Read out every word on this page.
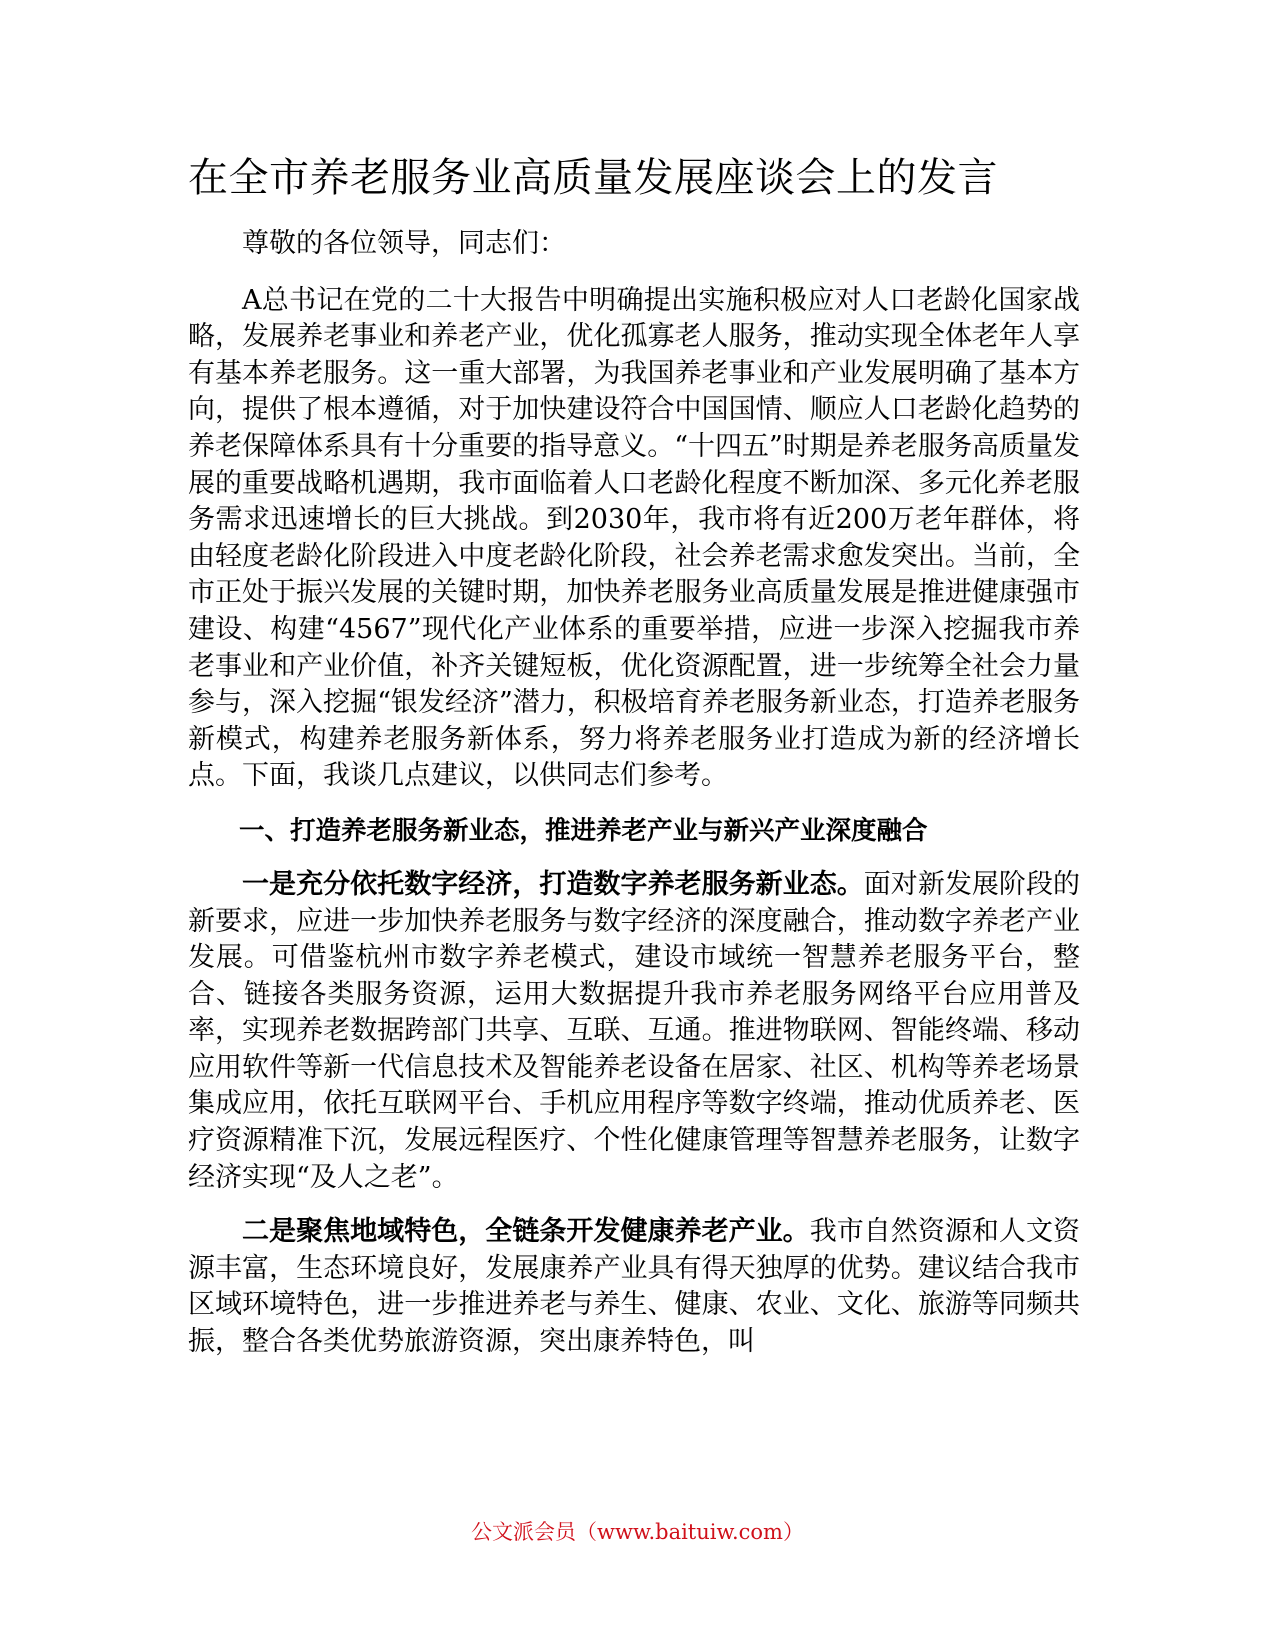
在全市养老服务业高质量发展座谈会上的发言

尊敬的各位领导，同志们：

A总书记在党的二十大报告中明确提出实施积极应对人口老龄化国家战略，发展养老事业和养老产业，优化孤寡老人服务，推动实现全体老年人享有基本养老服务。这一重大部署，为我国养老事业和产业发展明确了基本方向，提供了根本遵循，对于加快建设符合中国国情、顺应人口老龄化趋势的养老保障体系具有十分重要的指导意义。“十四五”时期是养老服务高质量发展的重要战略机遇期，我市面临着人口老龄化程度不断加深、多元化养老服务需求迅速增长的巨大挑战。到2030年，我市将有近200万老年群体，将由轻度老龄化阶段进入中度老龄化阶段，社会养老需求愈发突出。当前，全市正处于振兴发展的关键时期，加快养老服务业高质量发展是推进健康强市建设、构建“4567”现代化产业体系的重要举措，应进一步深入挖掘我市养老事业和产业价值，补齐关键短板，优化资源配置，进一步统筹全社会力量参与，深入挖掘“银发经济”潜力，积极培育养老服务新业态，打造养老服务新模式，构建养老服务新体系，努力将养老服务业打造成为新的经济增长点。下面，我谈几点建议，以供同志们参考。

一、打造养老服务新业态，推进养老产业与新兴产业深度融合

一是充分依托数字经济，打造数字养老服务新业态。面对新发展阶段的新要求，应进一步加快养老服务与数字经济的深度融合，推动数字养老产业发展。可借鉴杭州市数字养老模式，建设市域统一智慧养老服务平台，整合、链接各类服务资源，运用大数据提升我市养老服务网络平台应用普及率，实现养老数据跨部门共享、互联、互通。推进物联网、智能终端、移动应用软件等新一代信息技术及智能养老设备在居家、社区、机构等养老场景集成应用，依托互联网平台、手机应用程序等数字终端，推动优质养老、医疗资源精准下沉，发展远程医疗、个性化健康管理等智慧养老服务，让数字经济实现“及人之老”。

二是聚焦地域特色，全链条开发健康养老产业。我市自然资源和人文资源丰富，生态环境良好，发展康养产业具有得天独厚的优势。建议结合我市区域环境特色，进一步推进养老与养生、健康、农业、文化、旅游等同频共振，整合各类优势旅游资源，突出康养特色，叫

公文派会员（www.baituiw.com）
